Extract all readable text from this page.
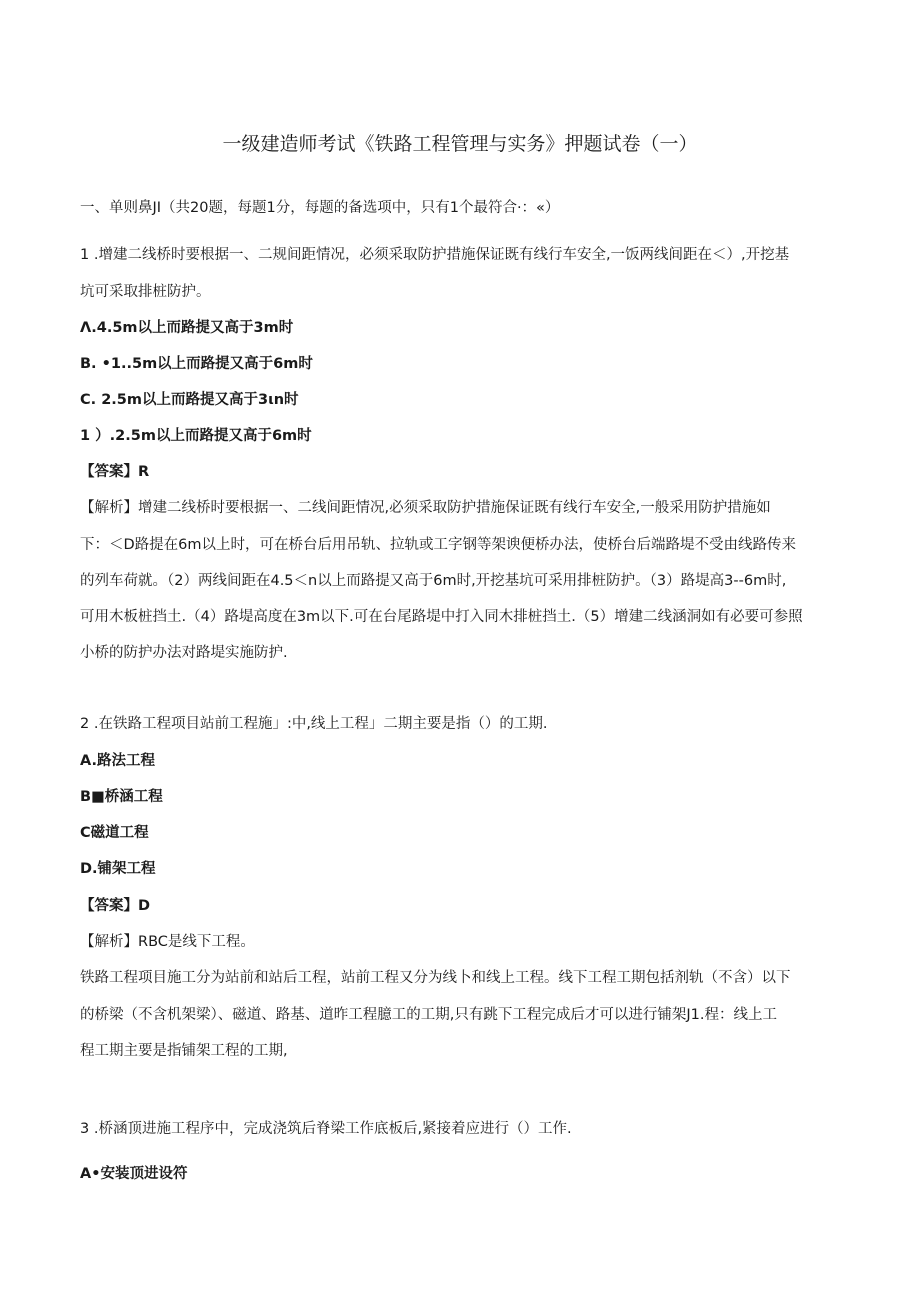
一级建造师考试《铁路工程管理与实务》押题试卷（一）
一、单则鼻JI（共20题，每题1分，每题的备选项中，只有1个最符合·：«）
1 .增建二线桥时要根据一、二规间距情况，必须采取防护措施保证既有线行车安全,一饭两线间距在＜）,开挖基
坑可采取排桩防护。
Λ.4.5m以上而路提又高于3m时
B. •1..5m以上而路提又高于6m时
C. 2.5m以上而路提又高于3ιn时
1 ）.2.5m以上而路提又高于6m时
【答案】R
【解析】增建二线桥时要根据一、二线间距情况,必须采取防护措施保证既有线行车安全,一般采用防护措施如
下：＜D路提在6m以上时，可在桥台后用吊轨、拉轨或工字钢等架谀便桥办法，使桥台后端路堤不受由线路传来
的列车荷就。（2）两线间距在4.5＜n以上而路提又高于6m时,开挖基坑可采用排桩防护。（3）路堤高3--6m时,
可用木板桩挡土.（4）路堤高度在3m以下.可在台尾路堤中打入同木排桩挡土.（5）增建二线涵洞如有必要可参照
小桥的防护办法对路堤实施防护.
2 .在铁路工程项目站前工程施」:中,线上工程」二期主要是指（）的工期.
A.路法工程
B■桥涵工程
C磁道工程
D.铺架工程
【答案】D
【解析】RBC是线下工程。
铁路工程项目施工分为站前和站后工程，站前工程又分为线卜和线上工程。线下工程工期包括剂轨（不含）以下
的桥梁（不含机架梁）、磁道、路基、道昨工程臆工的工期,只有跳下工程完成后才可以进行铺架J1.程：线上工
程工期主要是指铺架工程的工期,
3 .桥涵顶进施工程序中，完成浇筑后脊梁工作底板后,紧接着应进行（）工作.
A•安装顶进设符
